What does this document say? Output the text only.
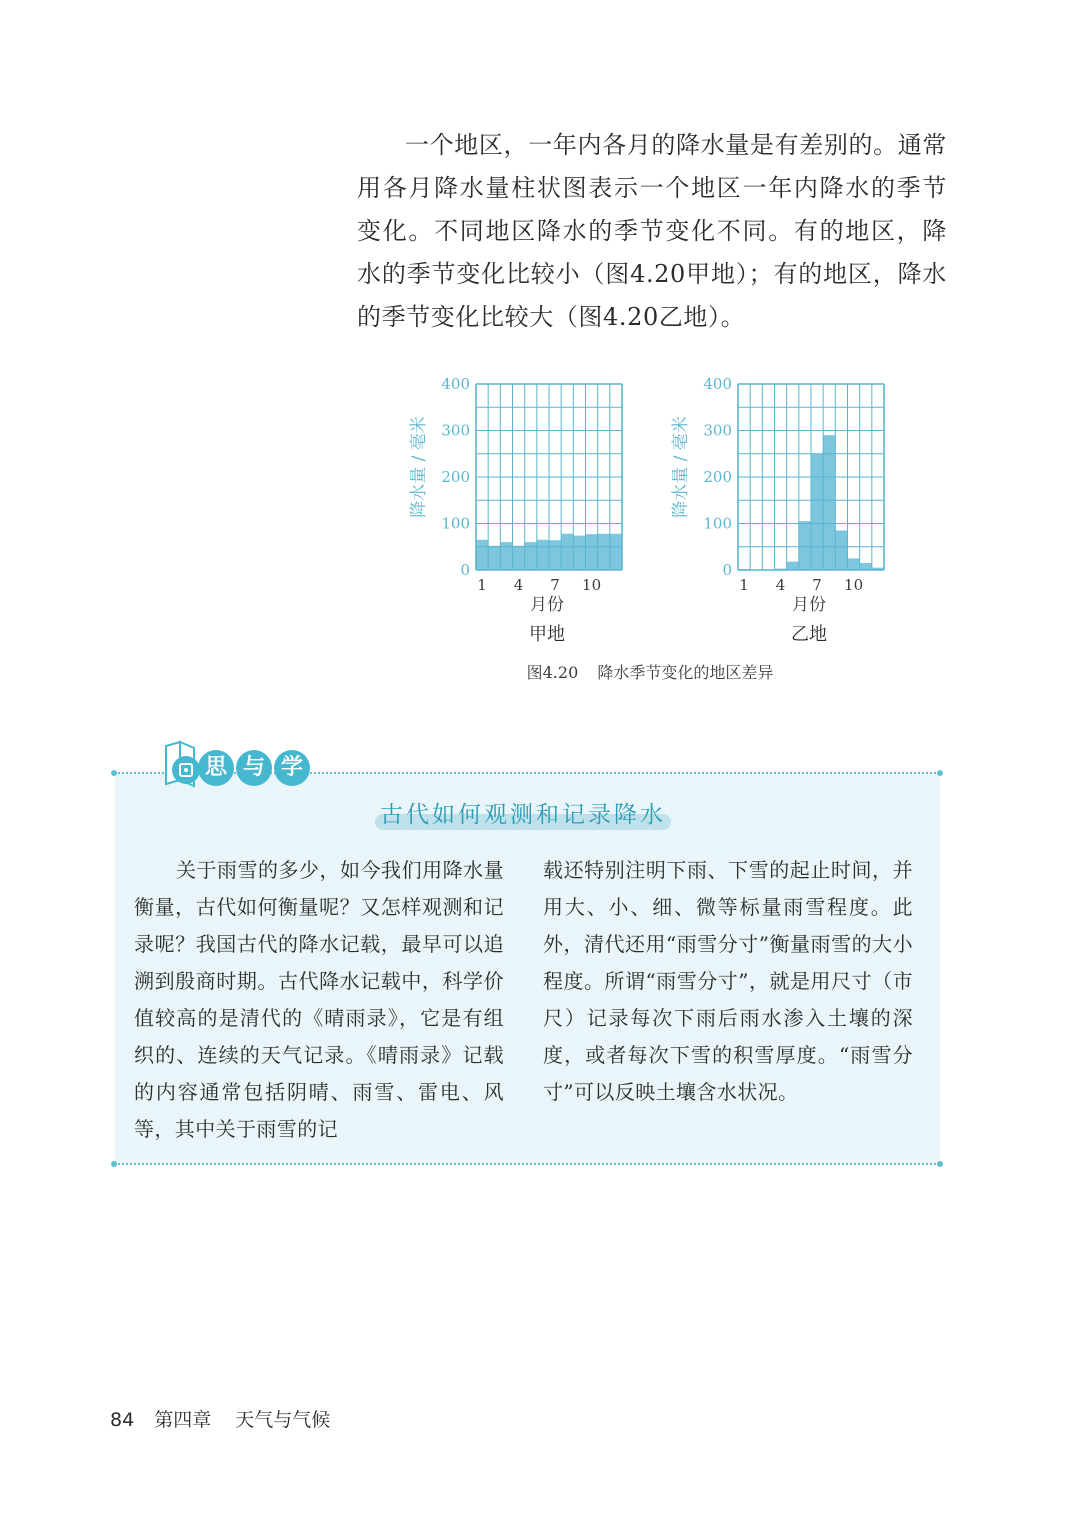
一个地区，一年内各月的降水量是有差别的。通常用各月降水量柱状图表示一个地区一年内降水的季节变化。不同地区降水的季节变化不同。有的地区，降水的季节变化比较小（图4.20甲地）；有的地区，降水的季节变化比较大（图4.20乙地）。

0
100
200
300
400
降水量 / 毫米
1 4 7 10
月份
甲地
0
100
200
300
400
降水量 / 毫米
1 4 7 10
月份
乙地
图4.20 降水季节变化的地区差异
思 与 学
古代如何观测和记录降水

关于雨雪的多少，如今我们用降水量衡量，古代如何衡量呢？又怎样观测和记录呢？我国古代的降水记载，最早可以追溯到殷商时期。古代降水记载中，科学价值较高的是清代的《晴雨录》，它是有组织的、连续的天气记录。《晴雨录》记载的内容通常包括阴晴、雨雪、雷电、风等，其中关于雨雪的记

载还特别注明下雨、下雪的起止时间，并用大、小、细、微等标量雨雪程度。此外，清代还用“雨雪分寸”衡量雨雪的大小程度。所谓“雨雪分寸”，就是用尺寸（市尺）记录每次下雨后雨水渗入土壤的深度，或者每次下雪的积雪厚度。“雨雪分寸”可以反映土壤含水状况。

84 第四章 天气与气候
